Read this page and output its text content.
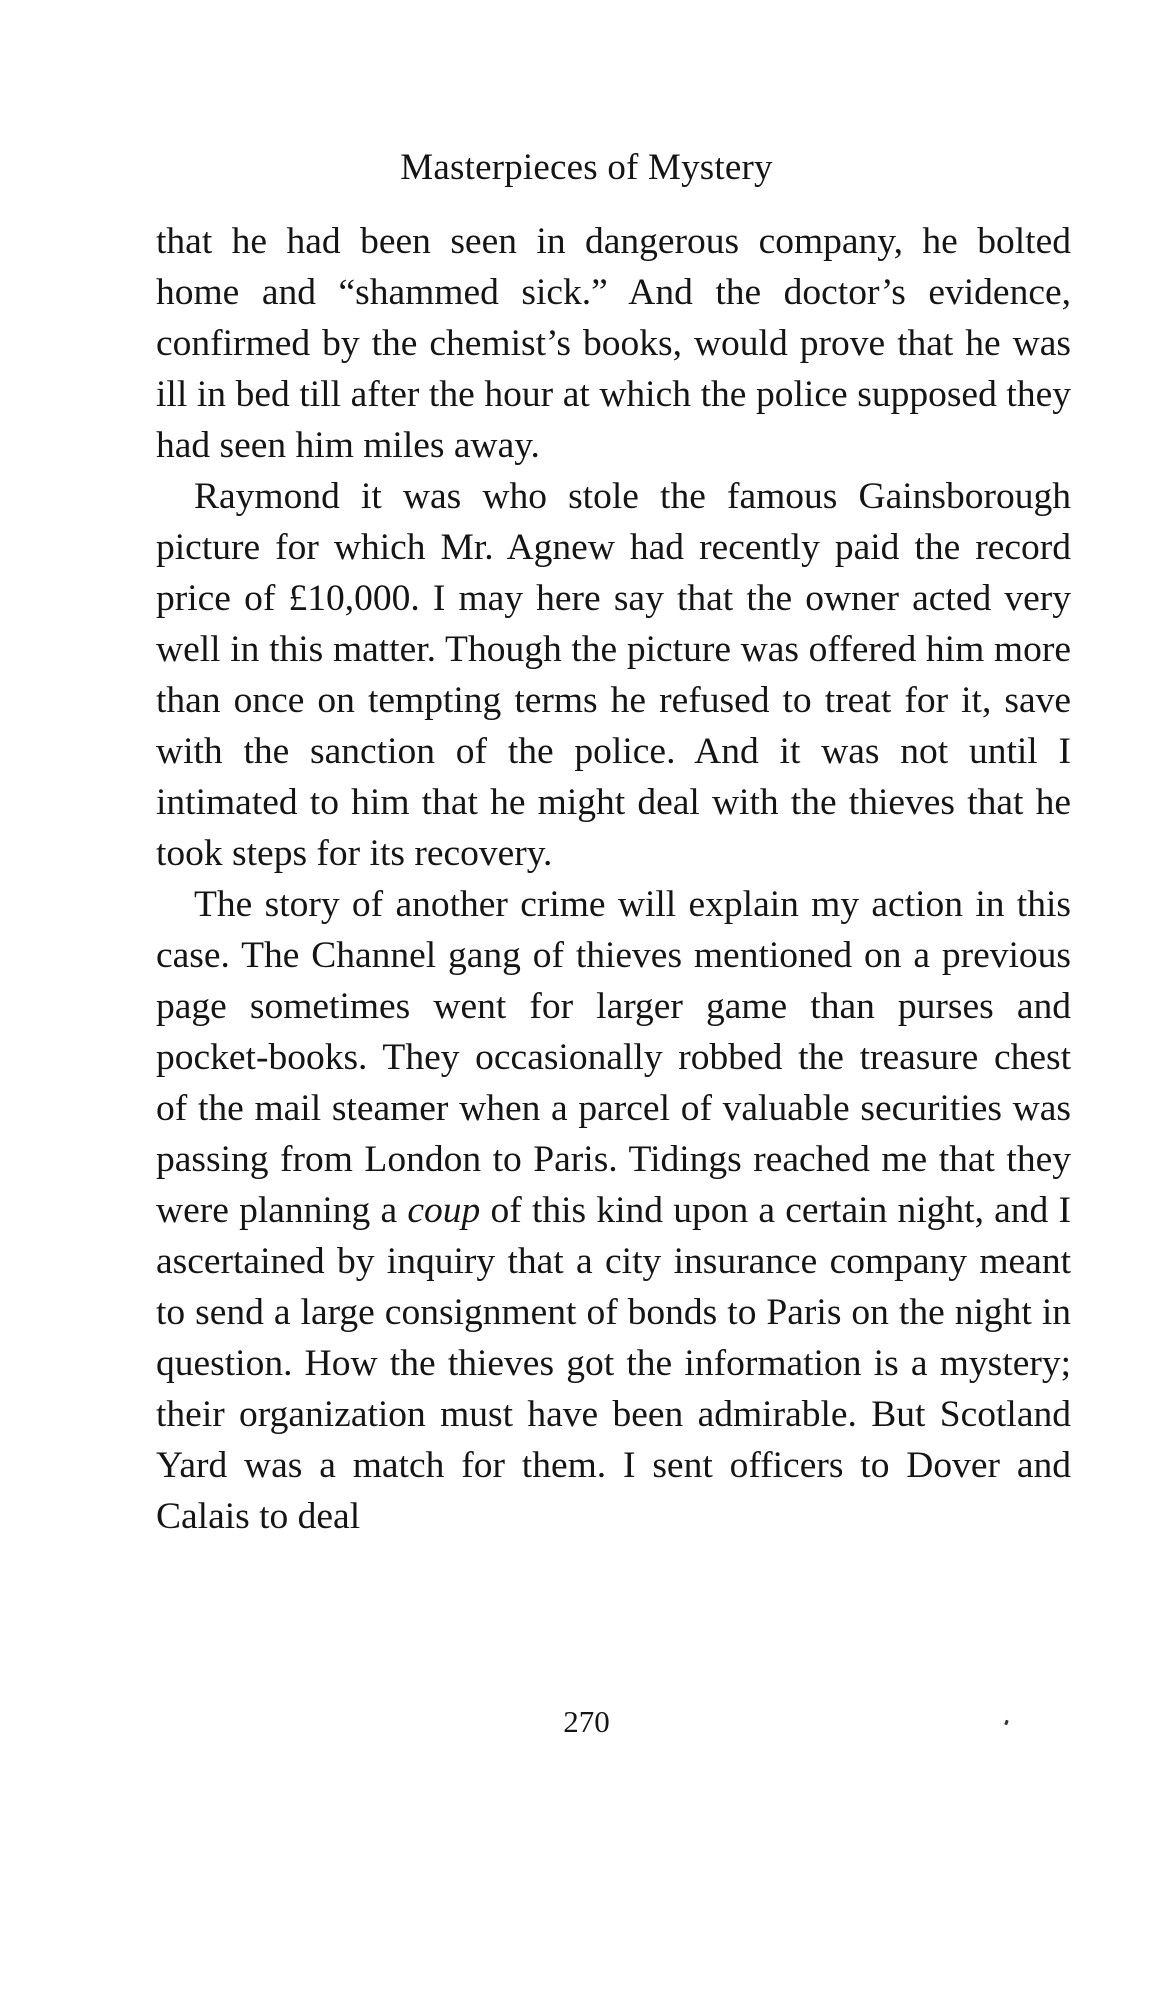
Masterpieces of Mystery

that he had been seen in dangerous company, he bolted home and “shammed sick.” And the doctor’s evidence, confirmed by the chemist’s books, would prove that he was ill in bed till after the hour at which the police supposed they had seen him miles away.

Raymond it was who stole the famous Gainsborough picture for which Mr. Agnew had recently paid the record price of £10,000. I may here say that the owner acted very well in this matter. Though the picture was offered him more than once on tempting terms he refused to treat for it, save with the sanction of the police. And it was not until I intimated to him that he might deal with the thieves that he took steps for its recovery.

The story of another crime will explain my action in this case. The Channel gang of thieves mentioned on a previous page sometimes went for larger game than purses and pocket-books. They occasionally robbed the treasure chest of the mail steamer when a parcel of valuable securities was passing from London to Paris. Tidings reached me that they were planning a coup of this kind upon a certain night, and I ascertained by inquiry that a city insurance company meant to send a large consignment of bonds to Paris on the night in question. How the thieves got the information is a mystery; their organization must have been admirable. But Scotland Yard was a match for them. I sent officers to Dover and Calais to deal

270
